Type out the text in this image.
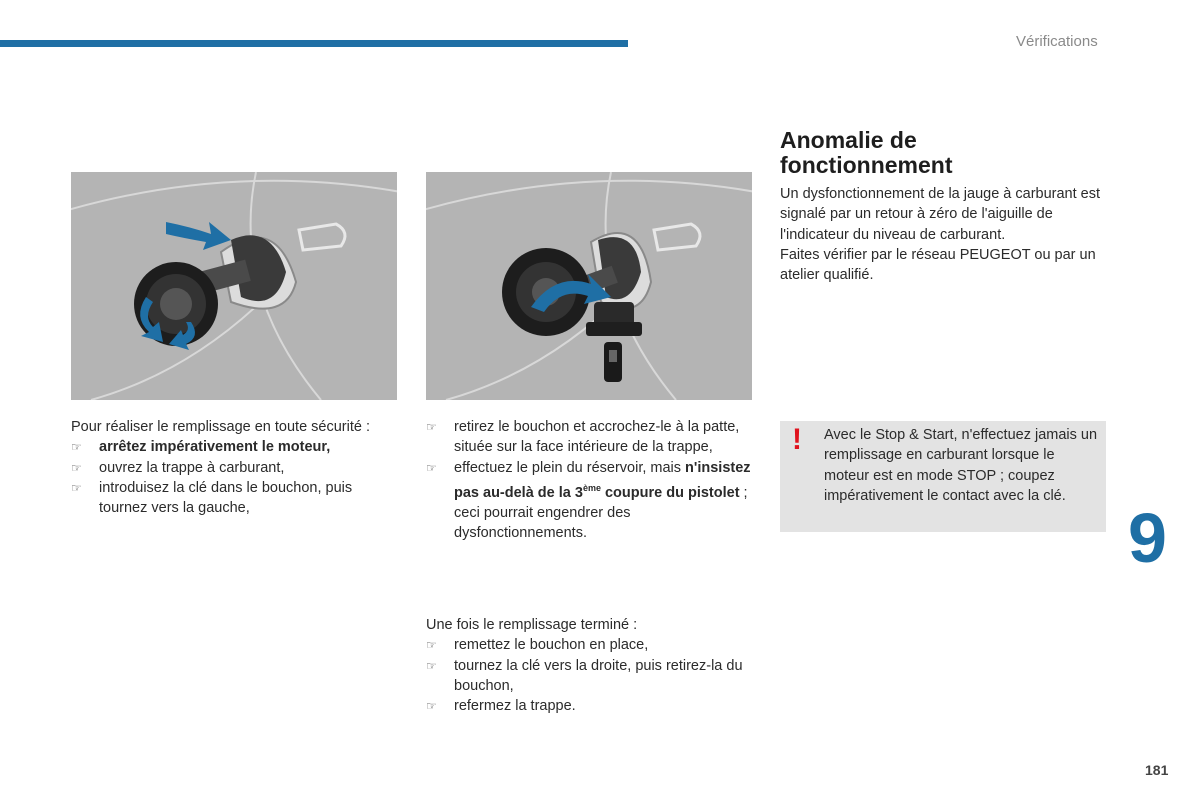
Vérifications

Pour réaliser le remplissage en toute sécurité :

☞ arrêtez impérativement le moteur,
☞ ouvrez la trappe à carburant,
☞ introduisez la clé dans le bouchon, puis tournez vers la gauche,
☞ retirez le bouchon et accrochez-le à la patte, située sur la face intérieure de la trappe,
☞ effectuez le plein du réservoir, mais n'insistez pas au-delà de la 3ème coupure du pistolet ; ceci pourrait engendrer des dysfonctionnements.

Une fois le remplissage terminé :

☞ remettez le bouchon en place,
☞ tournez la clé vers la droite, puis retirez-la du bouchon,
☞ refermez la trappe.
Anomalie de
fonctionnement

Un dysfonctionnement de la jauge à carburant est signalé par un retour à zéro de l'aiguille de l'indicateur du niveau de carburant.

Faites vérifier par le réseau PEUGEOT ou par un atelier qualifié.

! Avec le Stop & Start, n'effectuez jamais un remplissage en carburant lorsque le moteur est en mode STOP ; coupez impérativement le contact avec la clé.
9
181
